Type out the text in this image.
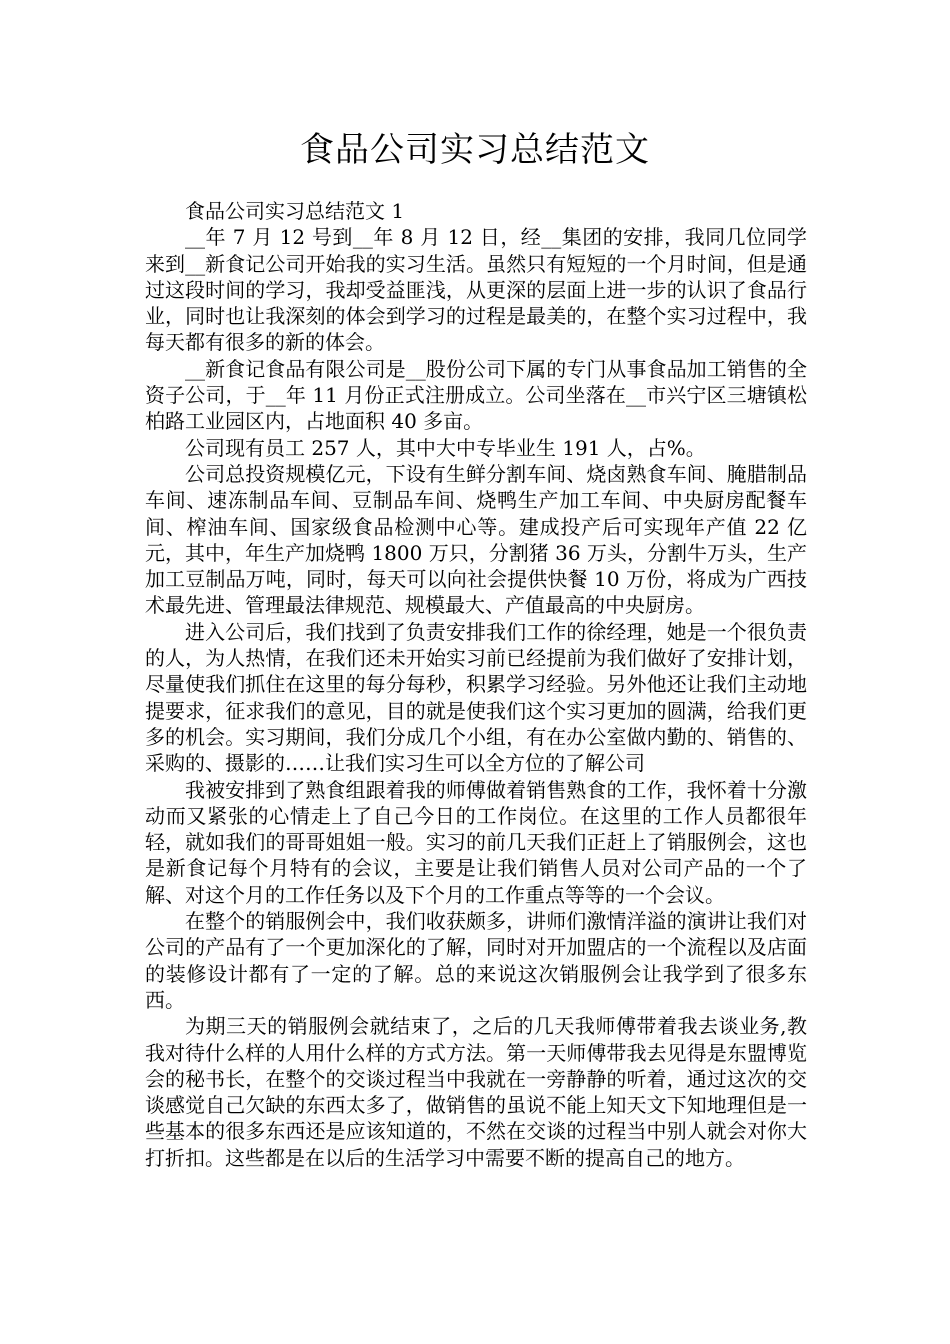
食品公司实习总结范文

食品公司实习总结范文 1

__年 7 月 12 号到__年 8 月 12 日，经__集团的安排，我同几位同学来到__新食记公司开始我的实习生活。虽然只有短短的一个月时间，但是通过这段时间的学习，我却受益匪浅，从更深的层面上进一步的认识了食品行业，同时也让我深刻的体会到学习的过程是最美的，在整个实习过程中，我每天都有很多的新的体会。

__新食记食品有限公司是__股份公司下属的专门从事食品加工销售的全资子公司，于__年 11 月份正式注册成立。公司坐落在__市兴宁区三塘镇松柏路工业园区内，占地面积 40 多亩。

公司现有员工 257 人，其中大中专毕业生 191 人，占%。

公司总投资规模亿元，下设有生鲜分割车间、烧卤熟食车间、腌腊制品车间、速冻制品车间、豆制品车间、烧鸭生产加工车间、中央厨房配餐车间、榨油车间、国家级食品检测中心等。建成投产后可实现年产值 22 亿元，其中，年生产加烧鸭 1800 万只，分割猪 36 万头，分割牛万头，生产加工豆制品万吨，同时，每天可以向社会提供快餐 10 万份，将成为广西技术最先进、管理最法律规范、规模最大、产值最高的中央厨房。

进入公司后，我们找到了负责安排我们工作的徐经理，她是一个很负责的人，为人热情，在我们还未开始实习前已经提前为我们做好了安排计划，尽量使我们抓住在这里的每分每秒，积累学习经验。另外他还让我们主动地提要求，征求我们的意见，目的就是使我们这个实习更加的圆满，给我们更多的机会。实习期间，我们分成几个小组，有在办公室做内勤的、销售的、采购的、摄影的……让我们实习生可以全方位的了解公司

我被安排到了熟食组跟着我的师傅做着销售熟食的工作，我怀着十分激动而又紧张的心情走上了自己今日的工作岗位。在这里的工作人员都很年轻，就如我们的哥哥姐姐一般。实习的前几天我们正赶上了销服例会，这也是新食记每个月特有的会议，主要是让我们销售人员对公司产品的一个了解、对这个月的工作任务以及下个月的工作重点等等的一个会议。

在整个的销服例会中，我们收获颇多，讲师们激情洋溢的演讲让我们对公司的产品有了一个更加深化的了解，同时对开加盟店的一个流程以及店面的装修设计都有了一定的了解。总的来说这次销服例会让我学到了很多东西。

为期三天的销服例会就结束了，之后的几天我师傅带着我去谈业务,教我对待什么样的人用什么样的方式方法。第一天师傅带我去见得是东盟博览会的秘书长，在整个的交谈过程当中我就在一旁静静的听着，通过这次的交谈感觉自己欠缺的东西太多了，做销售的虽说不能上知天文下知地理但是一些基本的很多东西还是应该知道的，不然在交谈的过程当中别人就会对你大打折扣。这些都是在以后的生活学习中需要不断的提高自己的地方。
